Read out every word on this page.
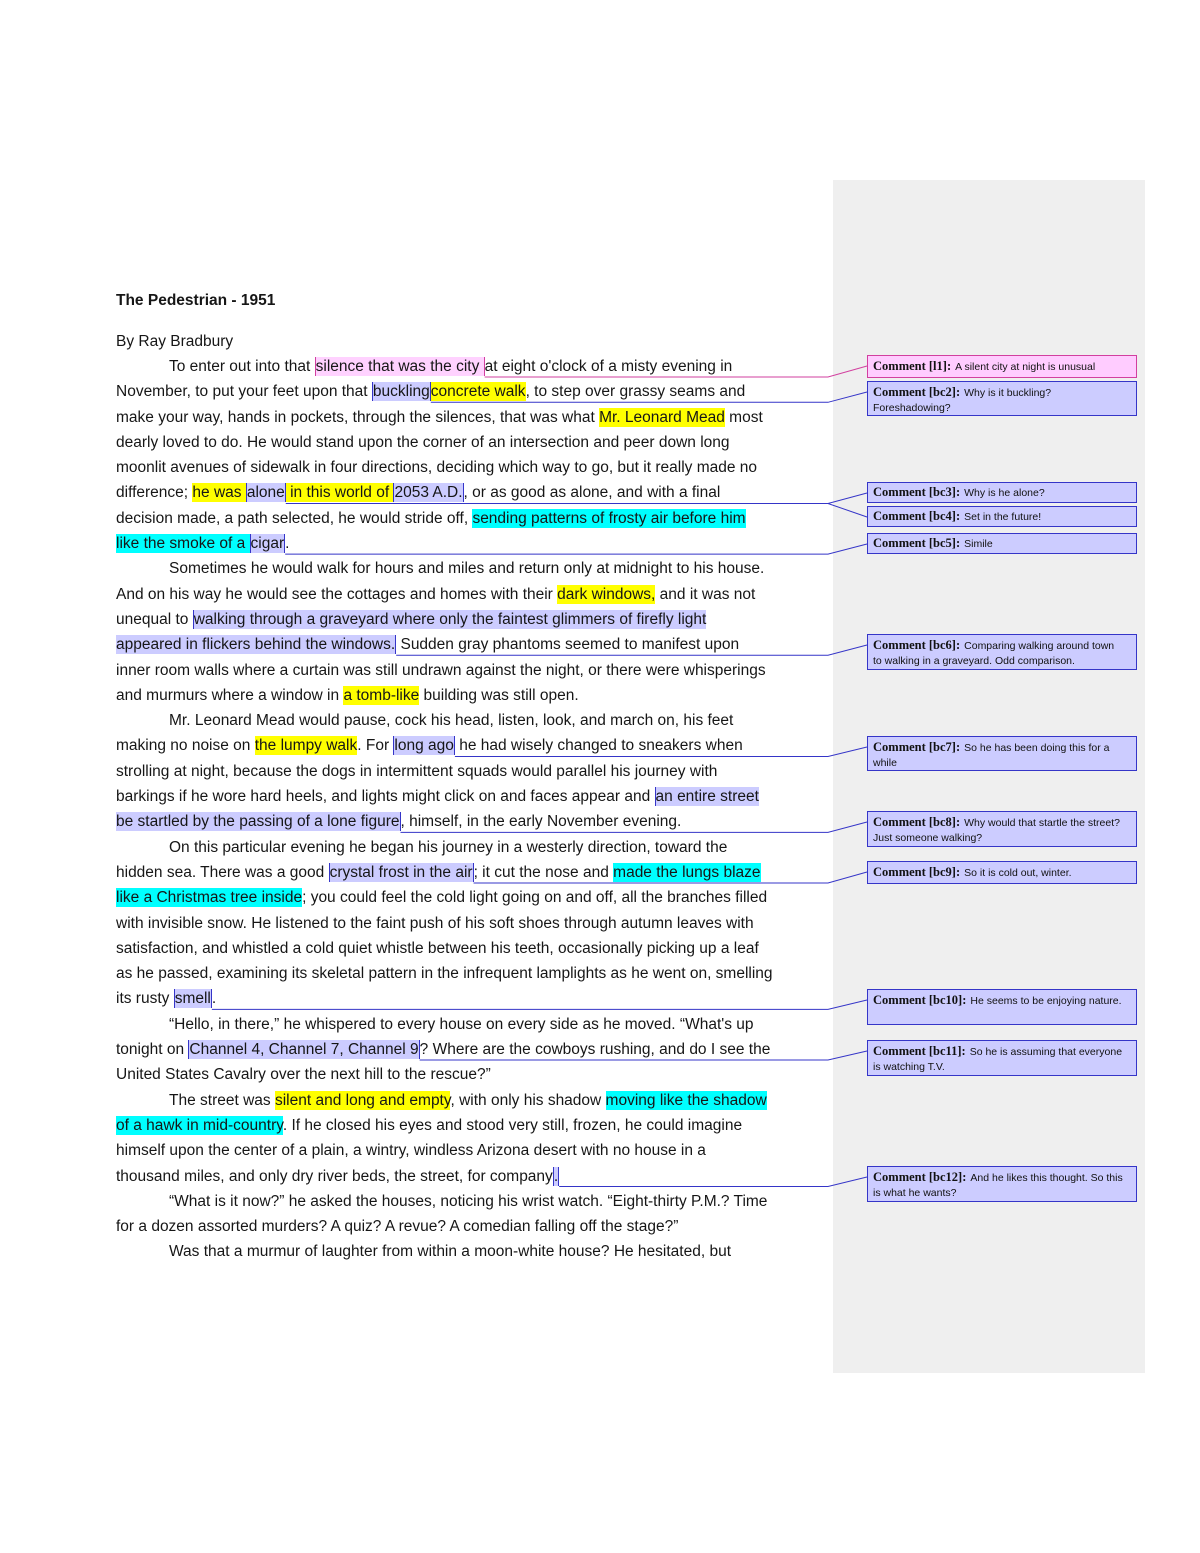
The Pedestrian - 1951
By Ray Bradbury
To enter out into that silence that was the city at eight o'clock of a misty evening in
November, to put your feet upon that bucklingconcrete walk, to step over grassy seams and
make your way, hands in pockets, through the silences, that was what Mr. Leonard Mead most
dearly loved to do. He would stand upon the corner of an intersection and peer down long
moonlit avenues of sidewalk in four directions, deciding which way to go, but it really made no
difference; he was alone in this world of 2053 A.D., or as good as alone, and with a final
decision made, a path selected, he would stride off, sending patterns of frosty air before him
like the smoke of a cigar.
Sometimes he would walk for hours and miles and return only at midnight to his house.
And on his way he would see the cottages and homes with their dark windows, and it was not
unequal to walking through a graveyard where only the faintest glimmers of firefly light
appeared in flickers behind the windows. Sudden gray phantoms seemed to manifest upon
inner room walls where a curtain was still undrawn against the night, or there were whisperings
and murmurs where a window in a tomb-like building was still open.
Mr. Leonard Mead would pause, cock his head, listen, look, and march on, his feet
making no noise on the lumpy walk. For long ago he had wisely changed to sneakers when
strolling at night, because the dogs in intermittent squads would parallel his journey with
barkings if he wore hard heels, and lights might click on and faces appear and an entire street
be startled by the passing of a lone figure, himself, in the early November evening.
On this particular evening he began his journey in a westerly direction, toward the
hidden sea. There was a good crystal frost in the air; it cut the nose and made the lungs blaze
like a Christmas tree inside; you could feel the cold light going on and off, all the branches filled
with invisible snow. He listened to the faint push of his soft shoes through autumn leaves with
satisfaction, and whistled a cold quiet whistle between his teeth, occasionally picking up a leaf
as he passed, examining its skeletal pattern in the infrequent lamplights as he went on, smelling
its rusty smell.
“Hello, in there,” he whispered to every house on every side as he moved. “What's up
tonight on Channel 4, Channel 7, Channel 9? Where are the cowboys rushing, and do I see the
United States Cavalry over the next hill to the rescue?”
The street was silent and long and empty, with only his shadow moving like the shadow
of a hawk in mid-country. If he closed his eyes and stood very still, frozen, he could imagine
himself upon the center of a plain, a wintry, windless Arizona desert with no house in a
thousand miles, and only dry river beds, the street, for company.
“What is it now?” he asked the houses, noticing his wrist watch. “Eight-thirty P.M.? Time
for a dozen assorted murders? A quiz? A revue? A comedian falling off the stage?”
Was that a murmur of laughter from within a moon-white house? He hesitated, but
Comment [l1]: A silent city at night is unusual
Comment [bc2]: Why is it buckling? Foreshadowing?
Comment [bc3]: Why is he alone?
Comment [bc4]: Set in the future!
Comment [bc5]: Simile
Comment [bc6]: Comparing walking around town to walking in a graveyard. Odd comparison.
Comment [bc7]: So he has been doing this for a while
Comment [bc8]: Why would that startle the street? Just someone walking?
Comment [bc9]: So it is cold out, winter.
Comment [bc10]: He seems to be enjoying nature.
Comment [bc11]: So he is assuming that everyone is watching T.V.
Comment [bc12]: And he likes this thought. So this is what he wants?
